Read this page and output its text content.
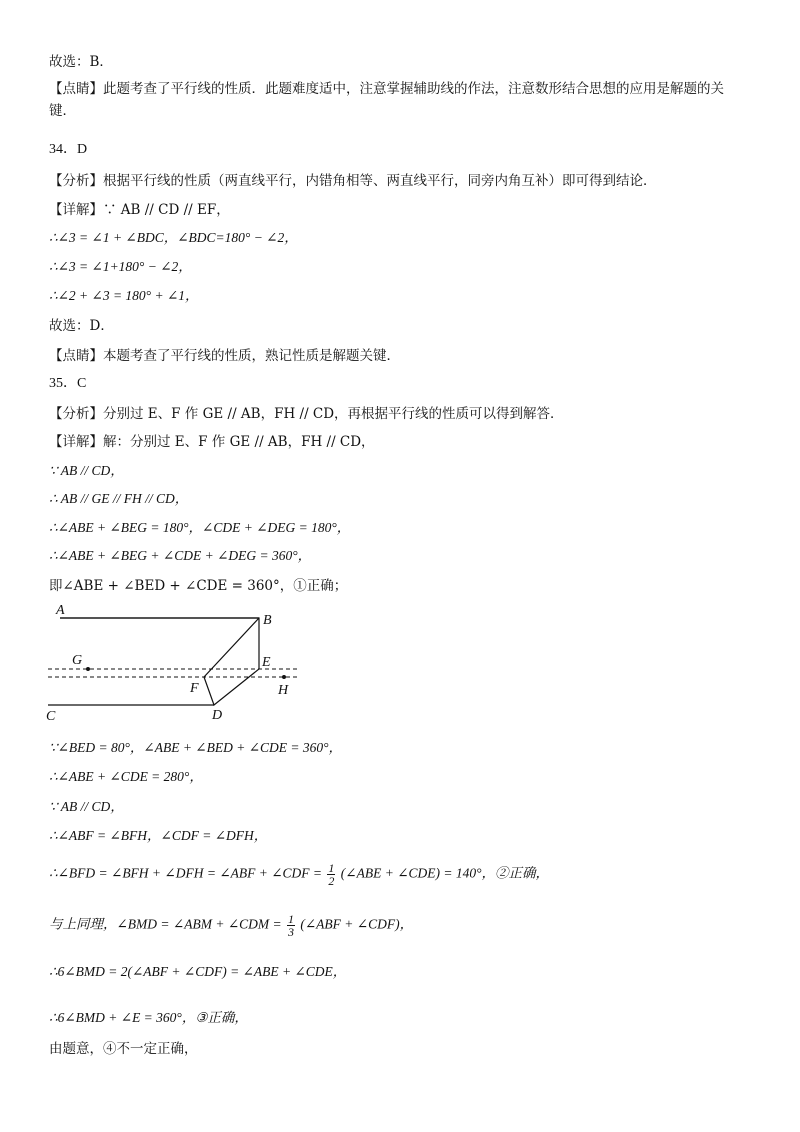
故选：B．
【点睛】此题考查了平行线的性质．此题难度适中，注意掌握辅助线的作法，注意数形结合思想的应用是解题的关键．
34．D
【分析】根据平行线的性质（两直线平行，内错角相等、两直线平行，同旁内角互补）即可得到结论．
【详解】∵ AB // CD // EF，
∴∠3 = ∠1 + ∠BDC，∠BDC=180° − ∠2，
∴∠3 = ∠1+180° − ∠2，
∴∠2 + ∠3 = 180° + ∠1，
故选：D．
【点睛】本题考查了平行线的性质，熟记性质是解题关键．
35．C
【分析】分别过 E、F 作 GE // AB，FH // CD，再根据平行线的性质可以得到解答．
【详解】解：分别过 E、F 作 GE // AB，FH // CD，
∵ AB // CD，
∴ AB // GE // FH // CD，
∴∠ABE + ∠BEG = 180°，∠CDE + ∠DEG = 180°，
∴∠ABE + ∠BEG + ∠CDE + ∠DEG = 360°，
即∠ABE + ∠BED + ∠CDE = 360°，①正确；
A
B
C	D
E
F
G
H
∵∠BED = 80°，∠ABE + ∠BED + ∠CDE = 360°，
∴∠ABE + ∠CDE = 280°，
∵ AB // CD，
∴∠ABF = ∠BFH，∠CDF = ∠DFH，
∴∠BFD = ∠BFH + ∠DFH = ∠ABF + ∠CDF = $\frac{1}{2}$ (∠ABE + ∠CDE) = 140°，②正确，
与上同理，∠BMD = ∠ABM + ∠CDM = $\frac{1}{3}$ (∠ABF + ∠CDF)，
∴6∠BMD = 2(∠ABF + ∠CDF) = ∠ABE + ∠CDE，
∴6∠BMD + ∠E = 360°，③正确，
由题意，④不一定正确，
